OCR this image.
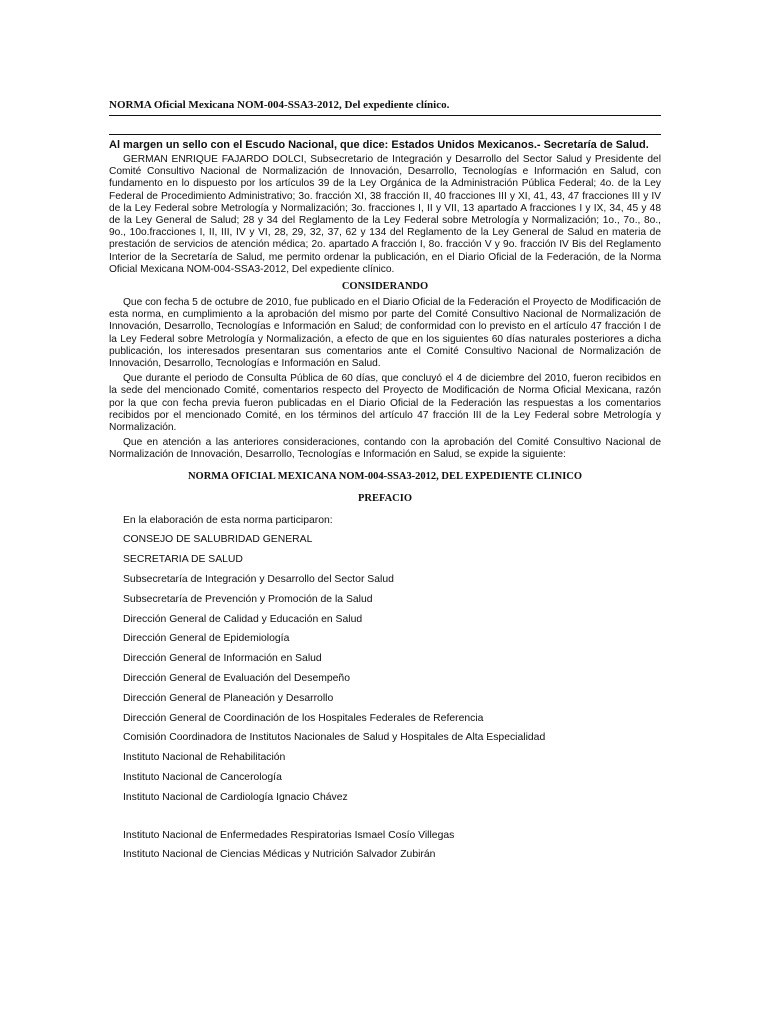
NORMA Oficial Mexicana NOM-004-SSA3-2012, Del expediente clínico.
Al margen un sello con el Escudo Nacional, que dice: Estados Unidos Mexicanos.- Secretaría de Salud.

GERMAN ENRIQUE FAJARDO DOLCI, Subsecretario de Integración y Desarrollo del Sector Salud y Presidente del Comité Consultivo Nacional de Normalización de Innovación, Desarrollo, Tecnologías e Información en Salud, con fundamento en lo dispuesto por los artículos 39 de la Ley Orgánica de la Administración Pública Federal; 4o. de la Ley Federal de Procedimiento Administrativo; 3o. fracción XI, 38 fracción II, 40 fracciones III y XI, 41, 43, 47 fracciones III y IV de la Ley Federal sobre Metrología y Normalización; 3o. fracciones I, II y VII, 13 apartado A fracciones I y IX, 34, 45 y 48 de la Ley General de Salud; 28 y 34 del Reglamento de la Ley Federal sobre Metrología y Normalización; 1o., 7o., 8o., 9o., 10o.fracciones I, II, III, IV y VI, 28, 29, 32, 37, 62 y 134 del Reglamento de la Ley General de Salud en materia de prestación de servicios de atención médica; 2o. apartado A fracción I, 8o. fracción V y 9o. fracción IV Bis del Reglamento Interior de la Secretaría de Salud, me permito ordenar la publicación, en el Diario Oficial de la Federación, de la Norma Oficial Mexicana NOM-004-SSA3-2012, Del expediente clínico.

CONSIDERANDO

Que con fecha 5 de octubre de 2010, fue publicado en el Diario Oficial de la Federación el Proyecto de Modificación de esta norma, en cumplimiento a la aprobación del mismo por parte del Comité Consultivo Nacional de Normalización de Innovación, Desarrollo, Tecnologías e Información en Salud; de conformidad con lo previsto en el artículo 47 fracción I de la Ley Federal sobre Metrología y Normalización, a efecto de que en los siguientes 60 días naturales posteriores a dicha publicación, los interesados presentaran sus comentarios ante el Comité Consultivo Nacional de Normalización de Innovación, Desarrollo, Tecnologías e Información en Salud.

Que durante el periodo de Consulta Pública de 60 días, que concluyó el 4 de diciembre del 2010, fueron recibidos en la sede del mencionado Comité, comentarios respecto del Proyecto de Modificación de Norma Oficial Mexicana, razón por la que con fecha previa fueron publicadas en el Diario Oficial de la Federación las respuestas a los comentarios recibidos por el mencionado Comité, en los términos del artículo 47 fracción III de la Ley Federal sobre Metrología y Normalización.

Que en atención a las anteriores consideraciones, contando con la aprobación del Comité Consultivo Nacional de Normalización de Innovación, Desarrollo, Tecnologías e Información en Salud, se expide la siguiente:

NORMA OFICIAL MEXICANA NOM-004-SSA3-2012, DEL EXPEDIENTE CLINICO
PREFACIO
En la elaboración de esta norma participaron:
CONSEJO DE SALUBRIDAD GENERAL
SECRETARIA DE SALUD
Subsecretaría de Integración y Desarrollo del Sector Salud
Subsecretaría de Prevención y Promoción de la Salud
Dirección General de Calidad y Educación en Salud
Dirección General de Epidemiología
Dirección General de Información en Salud
Dirección General de Evaluación del Desempeño
Dirección General de Planeación y Desarrollo
Dirección General de Coordinación de los Hospitales Federales de Referencia
Comisión Coordinadora de Institutos Nacionales de Salud y Hospitales de Alta Especialidad
Instituto Nacional de Rehabilitación
Instituto Nacional de Cancerología
Instituto Nacional de Cardiología Ignacio Chávez
Instituto Nacional de Enfermedades Respiratorias Ismael Cosío Villegas
Instituto Nacional de Ciencias Médicas y Nutrición Salvador Zubirán
